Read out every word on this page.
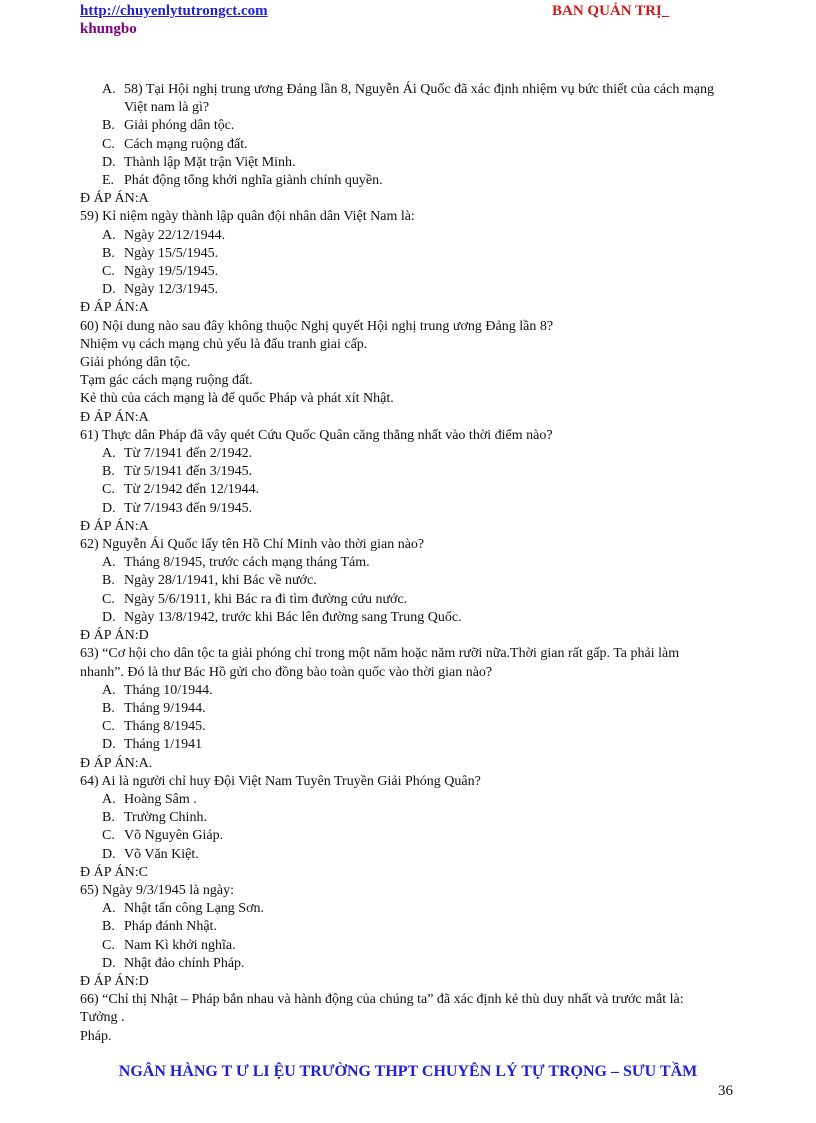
http://chuyenlytutrongct.com	BAN QUẢN TRỊ_
khungbo
A. 58) Tại Hội nghị trung ương Đảng lần 8, Nguyễn Ái Quốc đã xác định nhiệm vụ bức thiết của cách mạng Việt nam là gì?
B. Giải phóng dân tộc.
C. Cách mạng ruộng đất.
D. Thành lập Mặt trận Việt Minh.
E. Phát động tổng khởi nghĩa giành chính quyền.
Đ ÁP ÁN:A
59) Kỉ niệm ngày thành lập quân đội nhân dân Việt Nam là:
A. Ngày 22/12/1944.
B. Ngày 15/5/1945.
C. Ngày 19/5/1945.
D. Ngày 12/3/1945.
Đ ÁP ÁN:A
60) Nội dung nào sau đây không thuộc Nghị quyết Hội nghị trung ương Đảng lần 8?
Nhiệm vụ cách mạng chủ yếu là đấu tranh giai cấp.
Giải phóng dân tộc.
Tạm gác cách mạng ruộng đất.
Kẻ thù của cách mạng là đế quốc Pháp và phát xít Nhật.
Đ ÁP ÁN:A
61) Thực dân Pháp đã vây quét Cứu Quốc Quân căng thẳng nhất vào thời điểm nào?
A. Từ 7/1941 đến 2/1942.
B. Từ 5/1941 đến 3/1945.
C. Từ 2/1942 đến 12/1944.
D. Từ 7/1943 đến 9/1945.
Đ ÁP ÁN:A
62) Nguyễn Ái Quốc lấy tên Hồ Chí Minh vào thời gian nào?
A. Tháng 8/1945, trước cách mạng tháng Tám.
B. Ngày 28/1/1941, khi Bác về nước.
C. Ngày 5/6/1911, khi Bác ra đi tìm đường cứu nước.
D. Ngày 13/8/1942, trước khi Bác lên đường sang Trung Quốc.
Đ ÁP ÁN:D
63) “Cơ hội cho dân tộc ta giải phóng chỉ trong một năm hoặc năm rưỡi nữa.Thời gian rất gấp. Ta phải làm
nhanh”. Đó là thư Bác Hồ gửi cho đồng bào toàn quốc vào thời gian nào?
A. Tháng 10/1944.
B. Tháng 9/1944.
C. Tháng 8/1945.
D. Tháng 1/1941
Đ ÁP ÁN:A.
64) Ai là người chỉ huy Đội Việt Nam Tuyên Truyền Giải Phóng Quân?
A. Hoàng Sâm .
B. Trường Chinh.
C. Võ Nguyên Giáp.
D. Võ Văn Kiệt.
Đ ÁP ÁN:C
65) Ngày 9/3/1945 là ngày:
A. Nhật tấn công Lạng Sơn.
B. Pháp đánh Nhật.
C. Nam Kì khởi nghĩa.
D. Nhật đảo chính Pháp.
Đ ÁP ÁN:D
66) “Chỉ thị Nhật – Pháp bắn nhau và hành động của chúng ta” đã xác định kẻ thù duy nhất và trước mắt là:
Tưởng .
Pháp.
NGÂN HÀNG T Ư LI ỆU TRƯỜNG THPT CHUYÊN LÝ TỰ TRỌNG – SƯU TẦM
36
